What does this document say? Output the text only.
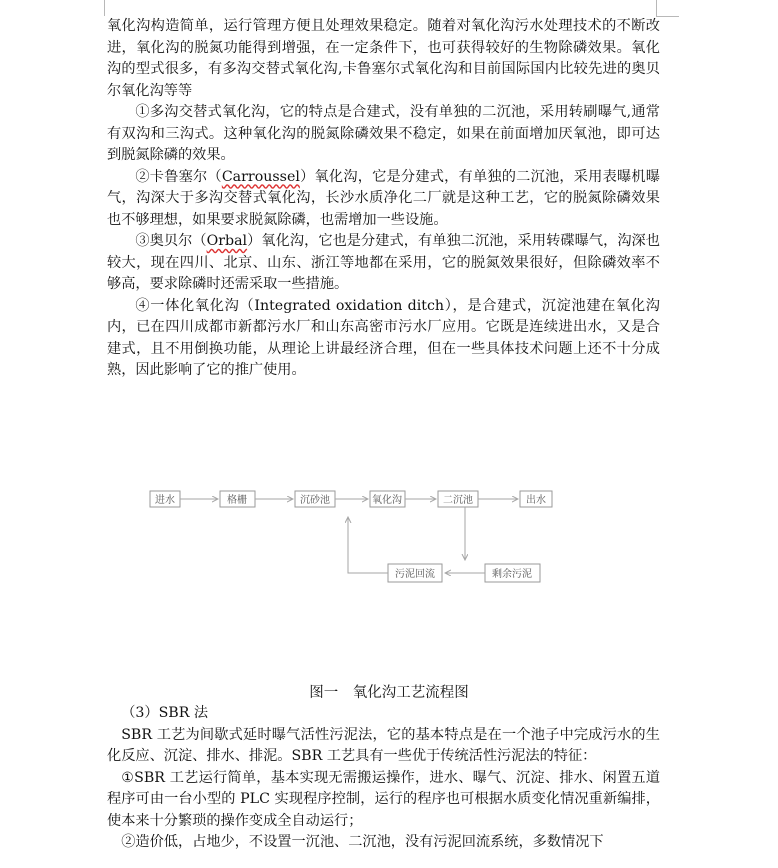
氧化沟构造简单，运行管理方便且处理效果稳定。随着对氧化沟污水处理技术的不断改进，氧化沟的脱氮功能得到增强，在一定条件下，也可获得较好的生物除磷效果。氧化沟的型式很多，有多沟交替式氧化沟,卡鲁塞尔式氧化沟和目前国际国内比较先进的奥贝尔氧化沟等等

①多沟交替式氧化沟，它的特点是合建式，没有单独的二沉池，采用转刷曝气,通常有双沟和三沟式。这种氧化沟的脱氮除磷效果不稳定，如果在前面增加厌氧池，即可达到脱氮除磷的效果。

②卡鲁塞尔（Carroussel）氧化沟，它是分建式，有单独的二沉池，采用表曝机曝气，沟深大于多沟交替式氧化沟，长沙水质净化二厂就是这种工艺，它的脱氮除磷效果也不够理想，如果要求脱氮除磷，也需增加一些设施。

③奥贝尔（Orbal）氧化沟，它也是分建式，有单独二沉池，采用转碟曝气，沟深也较大，现在四川、北京、山东、浙江等地都在采用，它的脱氮效果很好，但除磷效率不够高，要求除磷时还需采取一些措施。

④一体化氧化沟（Integrated oxidation ditch），是合建式，沉淀池建在氧化沟内，已在四川成都市新都污水厂和山东高密市污水厂应用。它既是连续进出水，又是合建式，且不用倒换功能，从理论上讲最经济合理，但在一些具体技术问题上还不十分成熟，因此影响了它的推广使用。

进水	格栅	沉砂池	氧化沟	二沉池	出水
污泥回流	剩余污泥
图一　氧化沟工艺流程图

（3）SBR 法

SBR 工艺为间歇式延时曝气活性污泥法，它的基本特点是在一个池子中完成污水的生化反应、沉淀、排水、排泥。SBR 工艺具有一些优于传统活性污泥法的特征：

①SBR 工艺运行简单，基本实现无需搬运操作，进水、曝气、沉淀、排水、闲置五道程序可由一台小型的 PLC 实现程序控制，运行的程序也可根据水质变化情况重新编排，使本来十分繁琐的操作变成全自动运行；

②造价低，占地少，不设置一沉池、二沉池，没有污泥回流系统，多数情况下
